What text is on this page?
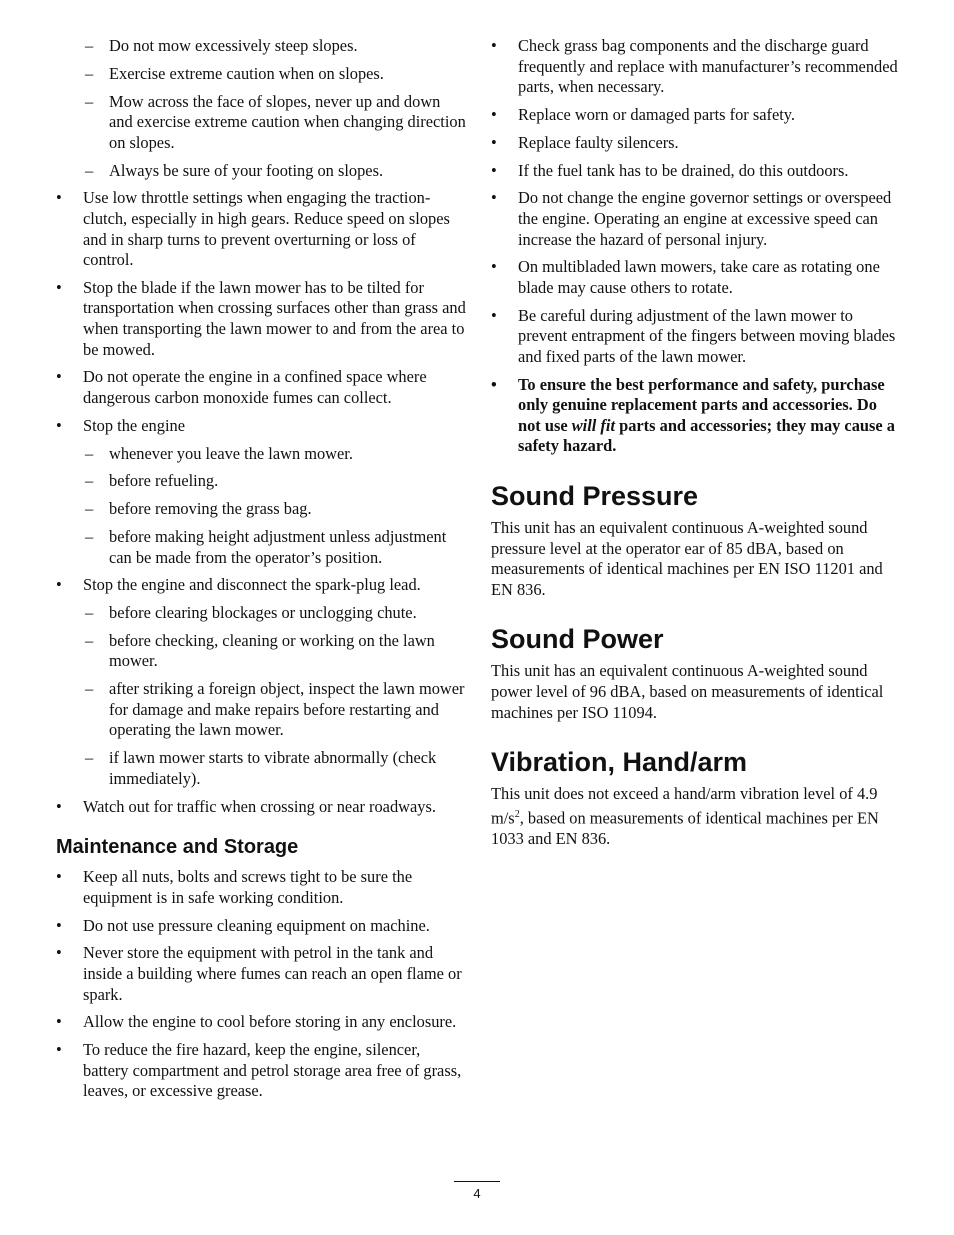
– Do not mow excessively steep slopes.
– Exercise extreme caution when on slopes.
– Mow across the face of slopes, never up and down and exercise extreme caution when changing direction on slopes.
– Always be sure of your footing on slopes.
• Use low throttle settings when engaging the traction-clutch, especially in high gears. Reduce speed on slopes and in sharp turns to prevent overturning or loss of control.
• Stop the blade if the lawn mower has to be tilted for transportation when crossing surfaces other than grass and when transporting the lawn mower to and from the area to be mowed.
• Do not operate the engine in a confined space where dangerous carbon monoxide fumes can collect.
• Stop the engine
– whenever you leave the lawn mower.
– before refueling.
– before removing the grass bag.
– before making height adjustment unless adjustment can be made from the operator’s position.
• Stop the engine and disconnect the spark-plug lead.
– before clearing blockages or unclogging chute.
– before checking, cleaning or working on the lawn mower.
– after striking a foreign object, inspect the lawn mower for damage and make repairs before restarting and operating the lawn mower.
– if lawn mower starts to vibrate abnormally (check immediately).
• Watch out for traffic when crossing or near roadways.
Maintenance and Storage
• Keep all nuts, bolts and screws tight to be sure the equipment is in safe working condition.
• Do not use pressure cleaning equipment on machine.
• Never store the equipment with petrol in the tank and inside a building where fumes can reach an open flame or spark.
• Allow the engine to cool before storing in any enclosure.
• To reduce the fire hazard, keep the engine, silencer, battery compartment and petrol storage area free of grass, leaves, or excessive grease.
• Check grass bag components and the discharge guard frequently and replace with manufacturer’s recommended parts, when necessary.
• Replace worn or damaged parts for safety.
• Replace faulty silencers.
• If the fuel tank has to be drained, do this outdoors.
• Do not change the engine governor settings or overspeed the engine. Operating an engine at excessive speed can increase the hazard of personal injury.
• On multibladed lawn mowers, take care as rotating one blade may cause others to rotate.
• Be careful during adjustment of the lawn mower to prevent entrapment of the fingers between moving blades and fixed parts of the lawn mower.
• To ensure the best performance and safety, purchase only genuine replacement parts and accessories. Do not use will fit parts and accessories; they may cause a safety hazard.
Sound Pressure

This unit has an equivalent continuous A-weighted sound pressure level at the operator ear of 85 dBA, based on measurements of identical machines per EN ISO 11201 and EN 836.

Sound Power

This unit has an equivalent continuous A-weighted sound power level of 96 dBA, based on measurements of identical machines per ISO 11094.

Vibration, Hand/arm

This unit does not exceed a hand/arm vibration level of 4.9 $m/s^2$, based on measurements of identical machines per EN 1033 and EN 836.

4
